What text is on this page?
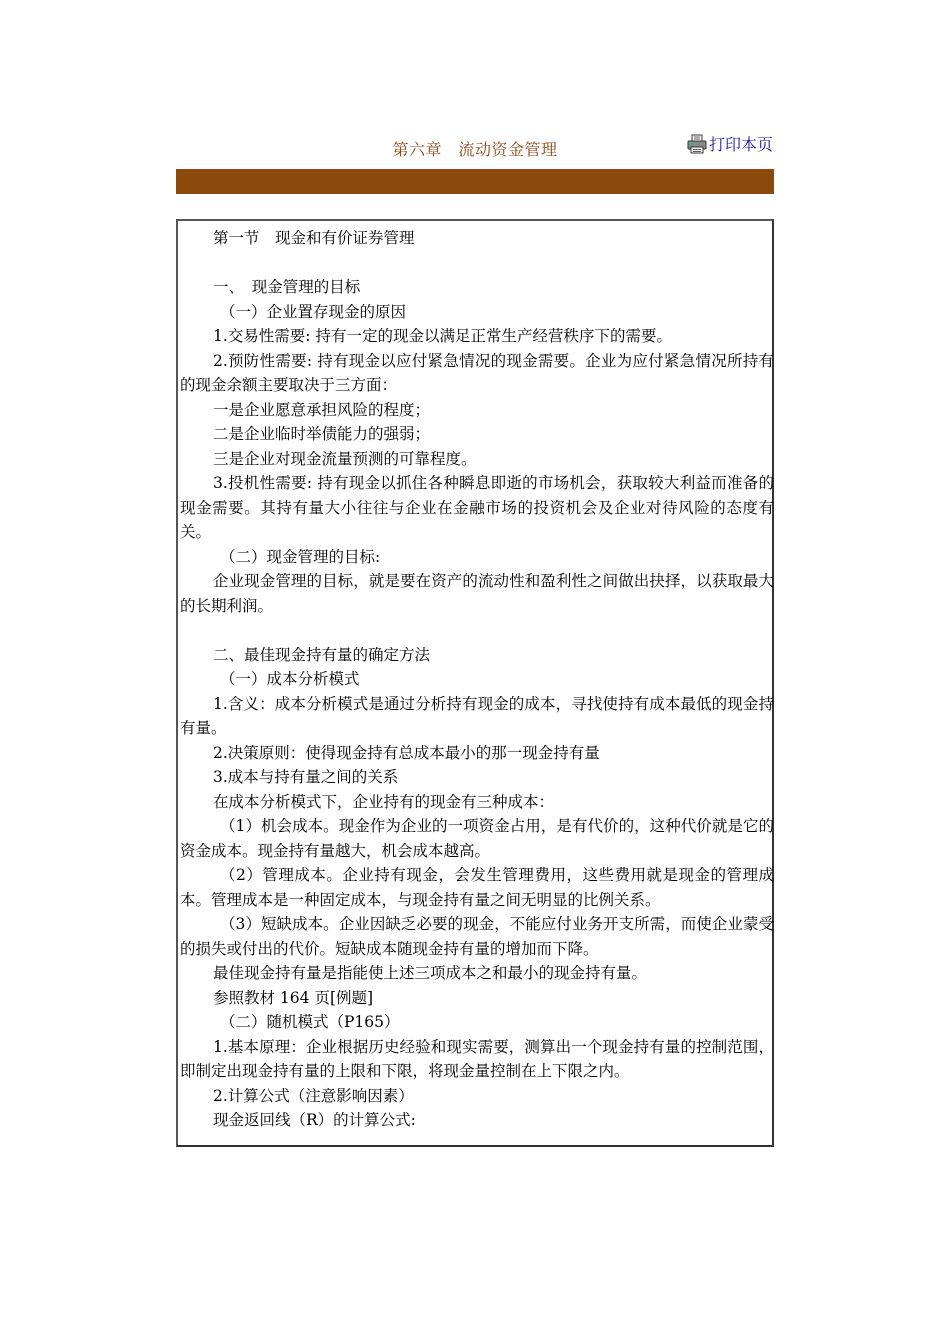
第六章　流动资金管理	打印本页

第一节　现金和有价证券管理

一、　现金管理的目标

（一）企业置存现金的原因

1.交易性需要: 持有一定的现金以满足正常生产经营秩序下的需要。

2.预防性需要: 持有现金以应付紧急情况的现金需要。企业为应付紧急情况所持有的现金余额主要取决于三方面：

一是企业愿意承担风险的程度；

二是企业临时举债能力的强弱；

三是企业对现金流量预测的可靠程度。

3.投机性需要: 持有现金以抓住各种瞬息即逝的市场机会，获取较大利益而准备的现金需要。其持有量大小往往与企业在金融市场的投资机会及企业对待风险的态度有关。

（二）现金管理的目标:

企业现金管理的目标，就是要在资产的流动性和盈利性之间做出抉择，以获取最大的长期利润。

二、最佳现金持有量的确定方法

（一）成本分析模式

1.含义：成本分析模式是通过分析持有现金的成本，寻找使持有成本最低的现金持有量。

2.决策原则：使得现金持有总成本最小的那一现金持有量

3.成本与持有量之间的关系

在成本分析模式下，企业持有的现金有三种成本：

（1）机会成本。现金作为企业的一项资金占用，是有代价的，这种代价就是它的资金成本。现金持有量越大，机会成本越高。

（2）管理成本。企业持有现金，会发生管理费用，这些费用就是现金的管理成本。管理成本是一种固定成本，与现金持有量之间无明显的比例关系。

（3）短缺成本。企业因缺乏必要的现金，不能应付业务开支所需，而使企业蒙受的损失或付出的代价。短缺成本随现金持有量的增加而下降。

最佳现金持有量是指能使上述三项成本之和最小的现金持有量。

参照教材 164 页[例题]

（二）随机模式（P165）

1.基本原理：企业根据历史经验和现实需要，测算出一个现金持有量的控制范围，即制定出现金持有量的上限和下限，将现金量控制在上下限之内。

2.计算公式（注意影响因素）

现金返回线（R）的计算公式:
